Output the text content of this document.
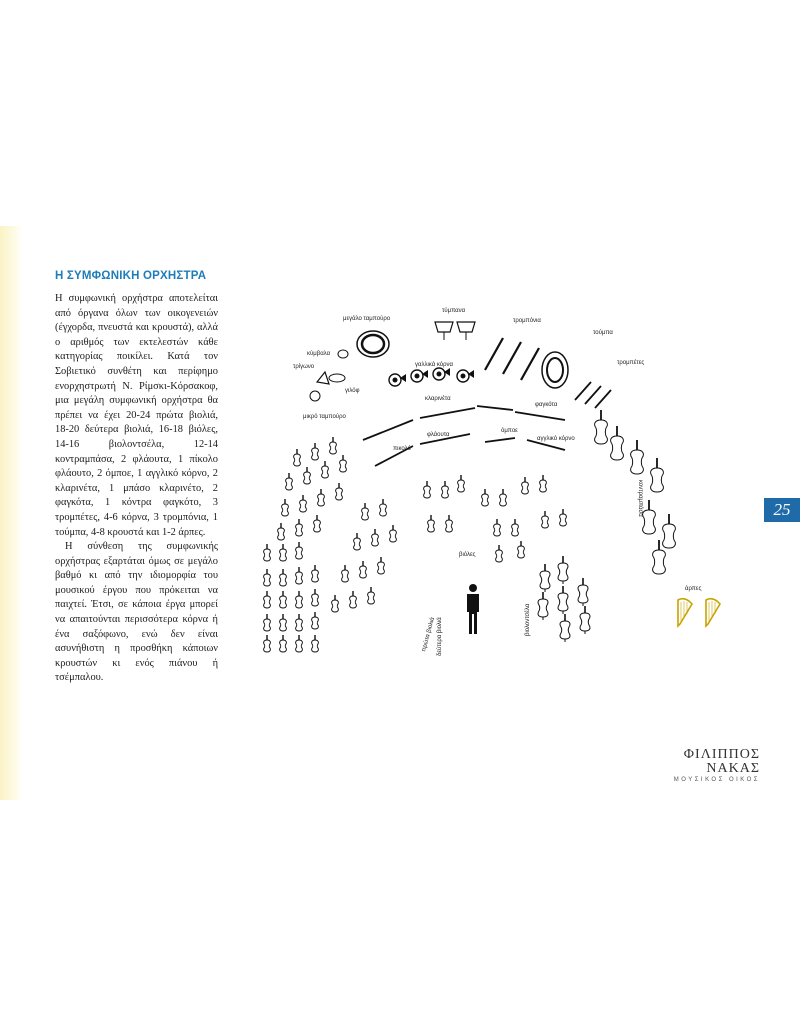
Η ΣΥΜΦΩΝΙΚΗ ΟΡΧΗΣΤΡΑ

Η συμφωνική ορχήστρα αποτελείται από όργανα όλων των οικογενειών (έγχορδα, πνευστά και κρουστά), αλλά ο αριθμός των εκτελεστών κάθε κατηγορίας ποικίλει. Κατά τον Σοβιετικό συνθέτη και περίφημο ενορχηστρωτή Ν. Ρίμσκι-Κόρσακοφ, μια μεγάλη συμφωνική ορχήστρα θα πρέπει να έχει 20-24 πρώτα βιολιά, 18-20 δεύτερα βιολιά, 16-18 βιόλες, 14-16 βιολοντσέλα, 12-14 κοντραμπάσα, 2 φλάουτα, 1 πίκολο φλάουτο, 2 όμποε, 1 αγγλικό κόρνο, 2 κλαρινέτα, 1 μπάσο κλαρινέτο, 2 φαγκότα, 1 κόντρα φαγκότο, 3 τρομπέτες, 4-6 κόρνα, 3 τρομπόνια, 1 τούμπα, 4-8 κρουστά και 1-2 άρπες.

Η σύνθεση της συμφωνικής ορχήστρας εξαρτάται όμως σε μεγάλο βαθμό κι από την ιδιομορφία του μουσικού έργου που πρόκειται να παιχτεί. Έτσι, σε κάποια έργα μπορεί να απαιτούνται περισσότερα κόρνα ή ένα σαξόφωνο, ενώ δεν είναι ασυνήθιστη η προσθήκη κάποιων κρουστών κι ενός πιάνου ή τσέμπαλου.

τύμπανα
μεγάλο ταμπούρο
κύμβαλα
τρίγωνο
μικρό ταμπούρο
γιλόφ
γαλλικά κόρνα
τρομπόνια
τούμπα
τρομπέτες
κλαρινέτα
φαγκότα
πικολό
φλάουτα
όμποε
αγγλικό κόρνο
δεύτερα βιολιά
πρώτα βιολιά
βιόλες
βιολοντσέλα
κοντραμπάσα
άρπες
25
ΦΙΛΙΠΠΟΣ ΝΑΚΑΣ
ΜΟΥΣΙΚΟΣ ΟΙΚΟΣ
